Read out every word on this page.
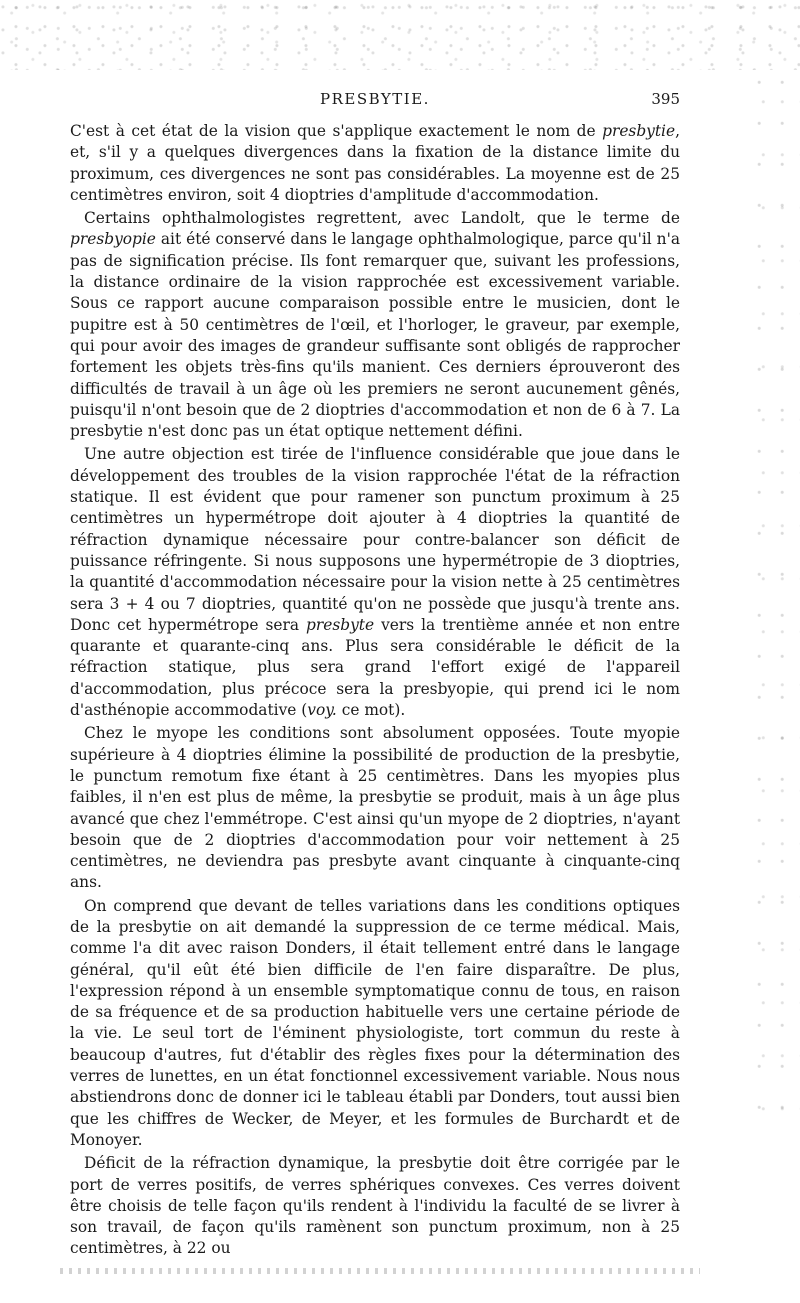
PRESBYTIE.	395

C'est à cet état de la vision que s'applique exactement le nom de presbytie, et, s'il y a quelques divergences dans la fixation de la distance limite du proximum, ces divergences ne sont pas considérables. La moyenne est de 25 centimètres environ, soit 4 dioptries d'amplitude d'accommodation.

Certains ophthalmologistes regrettent, avec Landolt, que le terme de presbyopie ait été conservé dans le langage ophthalmologique, parce qu'il n'a pas de signification précise. Ils font remarquer que, suivant les professions, la distance ordinaire de la vision rapprochée est excessivement variable. Sous ce rapport aucune comparaison possible entre le musicien, dont le pupitre est à 50 centimètres de l'œil, et l'horloger, le graveur, par exemple, qui pour avoir des images de grandeur suffisante sont obligés de rapprocher fortement les objets très-fins qu'ils manient. Ces derniers éprouveront des difficultés de travail à un âge où les premiers ne seront aucunement gênés, puisqu'il n'ont besoin que de 2 dioptries d'accommodation et non de 6 à 7. La presbytie n'est donc pas un état optique nettement défini.

Une autre objection est tirée de l'influence considérable que joue dans le développement des troubles de la vision rapprochée l'état de la réfraction statique. Il est évident que pour ramener son punctum proximum à 25 centimètres un hypermétrope doit ajouter à 4 dioptries la quantité de réfraction dynamique nécessaire pour contre-balancer son déficit de puissance réfringente. Si nous supposons une hypermétropie de 3 dioptries, la quantité d'accommodation nécessaire pour la vision nette à 25 centimètres sera 3 + 4 ou 7 dioptries, quantité qu'on ne possède que jusqu'à trente ans. Donc cet hypermétrope sera presbyte vers la trentième année et non entre quarante et quarante-cinq ans. Plus sera considérable le déficit de la réfraction statique, plus sera grand l'effort exigé de l'appareil d'accommodation, plus précoce sera la presbyopie, qui prend ici le nom d'asthénopie accommodative (voy. ce mot).

Chez le myope les conditions sont absolument opposées. Toute myopie supérieure à 4 dioptries élimine la possibilité de production de la presbytie, le punctum remotum fixe étant à 25 centimètres. Dans les myopies plus faibles, il n'en est plus de même, la presbytie se produit, mais à un âge plus avancé que chez l'emmétrope. C'est ainsi qu'un myope de 2 dioptries, n'ayant besoin que de 2 dioptries d'accommodation pour voir nettement à 25 centimètres, ne deviendra pas presbyte avant cinquante à cinquante-cinq ans.

On comprend que devant de telles variations dans les conditions optiques de la presbytie on ait demandé la suppression de ce terme médical. Mais, comme l'a dit avec raison Donders, il était tellement entré dans le langage général, qu'il eût été bien difficile de l'en faire disparaître. De plus, l'expression répond à un ensemble symptomatique connu de tous, en raison de sa fréquence et de sa production habituelle vers une certaine période de la vie. Le seul tort de l'éminent physiologiste, tort commun du reste à beaucoup d'autres, fut d'établir des règles fixes pour la détermination des verres de lunettes, en un état fonctionnel excessivement variable. Nous nous abstiendrons donc de donner ici le tableau établi par Donders, tout aussi bien que les chiffres de Wecker, de Meyer, et les formules de Burchardt et de Monoyer.

Déficit de la réfraction dynamique, la presbytie doit être corrigée par le port de verres positifs, de verres sphériques convexes. Ces verres doivent être choisis de telle façon qu'ils rendent à l'individu la faculté de se livrer à son travail, de façon qu'ils ramènent son punctum proximum, non à 25 centimètres, à 22 ou
